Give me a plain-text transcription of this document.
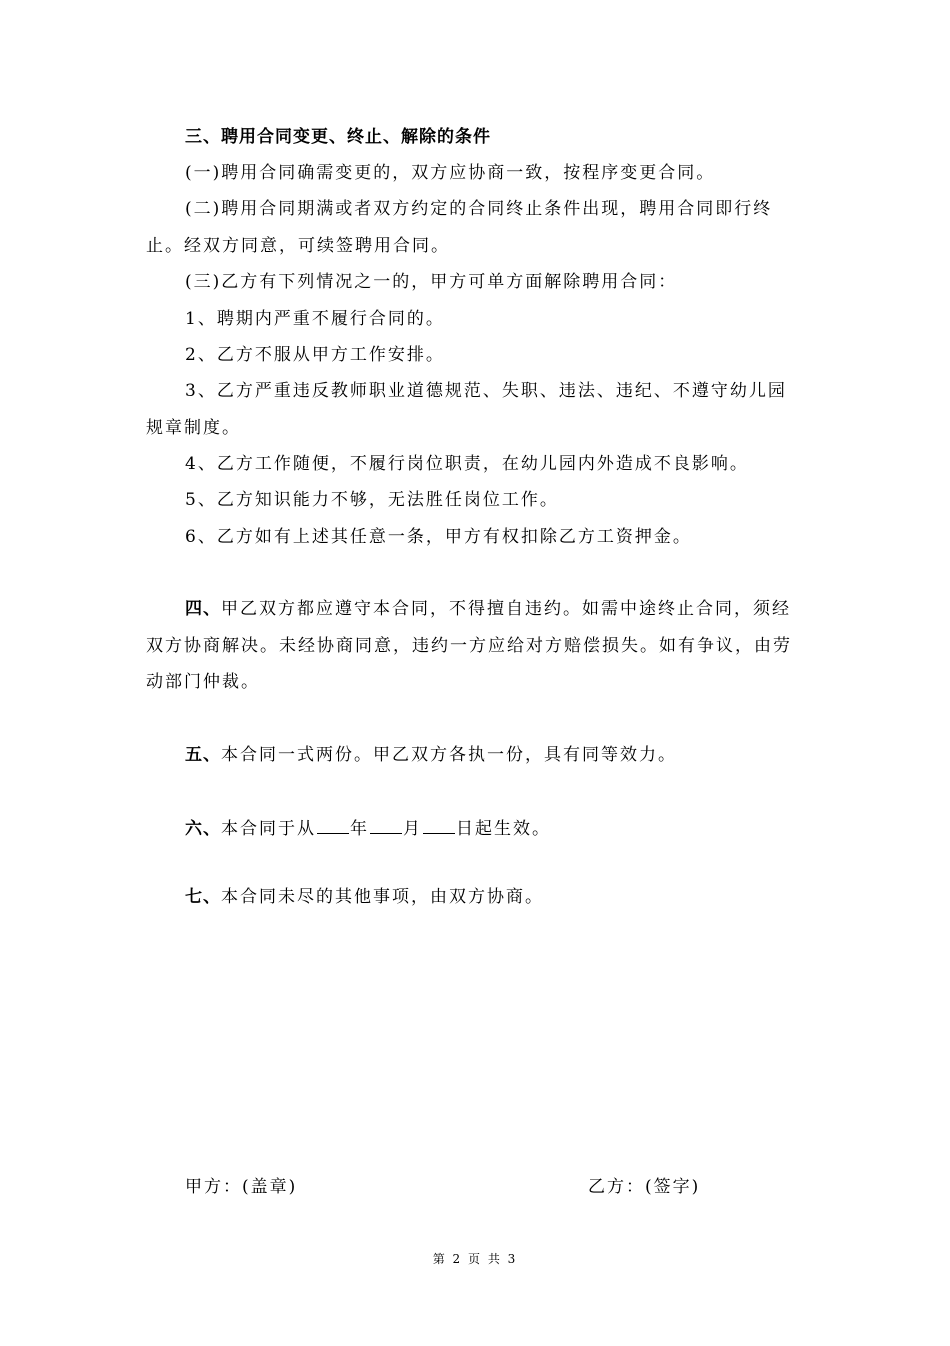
三、聘用合同变更、终止、解除的条件
(一)聘用合同确需变更的，双方应协商一致，按程序变更合同。
(二)聘用合同期满或者双方约定的合同终止条件出现，聘用合同即行终
止。经双方同意，可续签聘用合同。
(三)乙方有下列情况之一的，甲方可单方面解除聘用合同：
1、聘期内严重不履行合同的。
2、乙方不服从甲方工作安排。
3、乙方严重违反教师职业道德规范、失职、违法、违纪、不遵守幼儿园
规章制度。
4、乙方工作随便，不履行岗位职责，在幼儿园内外造成不良影响。
5、乙方知识能力不够，无法胜任岗位工作。
6、乙方如有上述其任意一条，甲方有权扣除乙方工资押金。
四、甲乙双方都应遵守本合同，不得擅自违约。如需中途终止合同，须经
双方协商解决。未经协商同意，违约一方应给对方赔偿损失。如有争议，由劳
动部门仲裁。
五、本合同一式两份。甲乙双方各执一份，具有同等效力。
六、本合同于从 年 月 日起生效。
七、本合同未尽的其他事项，由双方协商。
甲方：(盖章)	乙方：(签字)
第 2 页 共 3
